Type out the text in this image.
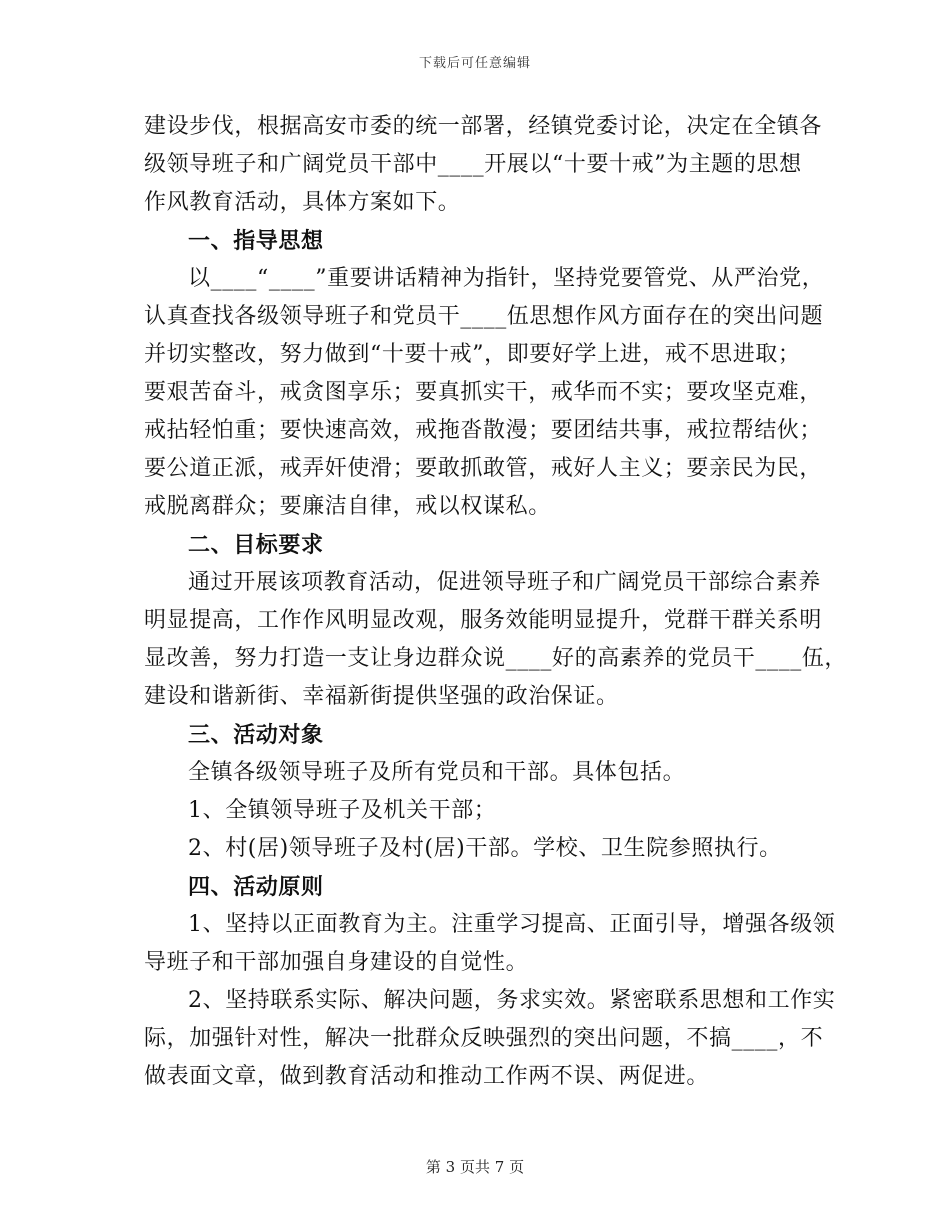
下载后可任意编辑
建设步伐，根据高安市委的统一部署，经镇党委讨论，决定在全镇各
级领导班子和广阔党员干部中____开展以“十要十戒”为主题的思想
作风教育活动，具体方案如下。
一、指导思想
以____“____”重要讲话精神为指针，坚持党要管党、从严治党，
认真查找各级领导班子和党员干____伍思想作风方面存在的突出问题
并切实整改，努力做到“十要十戒”，即要好学上进，戒不思进取；
要艰苦奋斗，戒贪图享乐；要真抓实干，戒华而不实；要攻坚克难，
戒拈轻怕重；要快速高效，戒拖沓散漫；要团结共事，戒拉帮结伙；
要公道正派，戒弄奸使滑；要敢抓敢管，戒好人主义；要亲民为民，
戒脱离群众；要廉洁自律，戒以权谋私。
二、目标要求
通过开展该项教育活动，促进领导班子和广阔党员干部综合素养
明显提高，工作作风明显改观，服务效能明显提升，党群干群关系明
显改善，努力打造一支让身边群众说____好的高素养的党员干____伍，
建设和谐新街、幸福新街提供坚强的政治保证。
三、活动对象
全镇各级领导班子及所有党员和干部。具体包括。
1、全镇领导班子及机关干部；
2、村(居)领导班子及村(居)干部。学校、卫生院参照执行。
四、活动原则
1、坚持以正面教育为主。注重学习提高、正面引导，增强各级领
导班子和干部加强自身建设的自觉性。
2、坚持联系实际、解决问题，务求实效。紧密联系思想和工作实
际，加强针对性，解决一批群众反映强烈的突出问题，不搞____，不
做表面文章，做到教育活动和推动工作两不误、两促进。
第 3 页共 7 页
